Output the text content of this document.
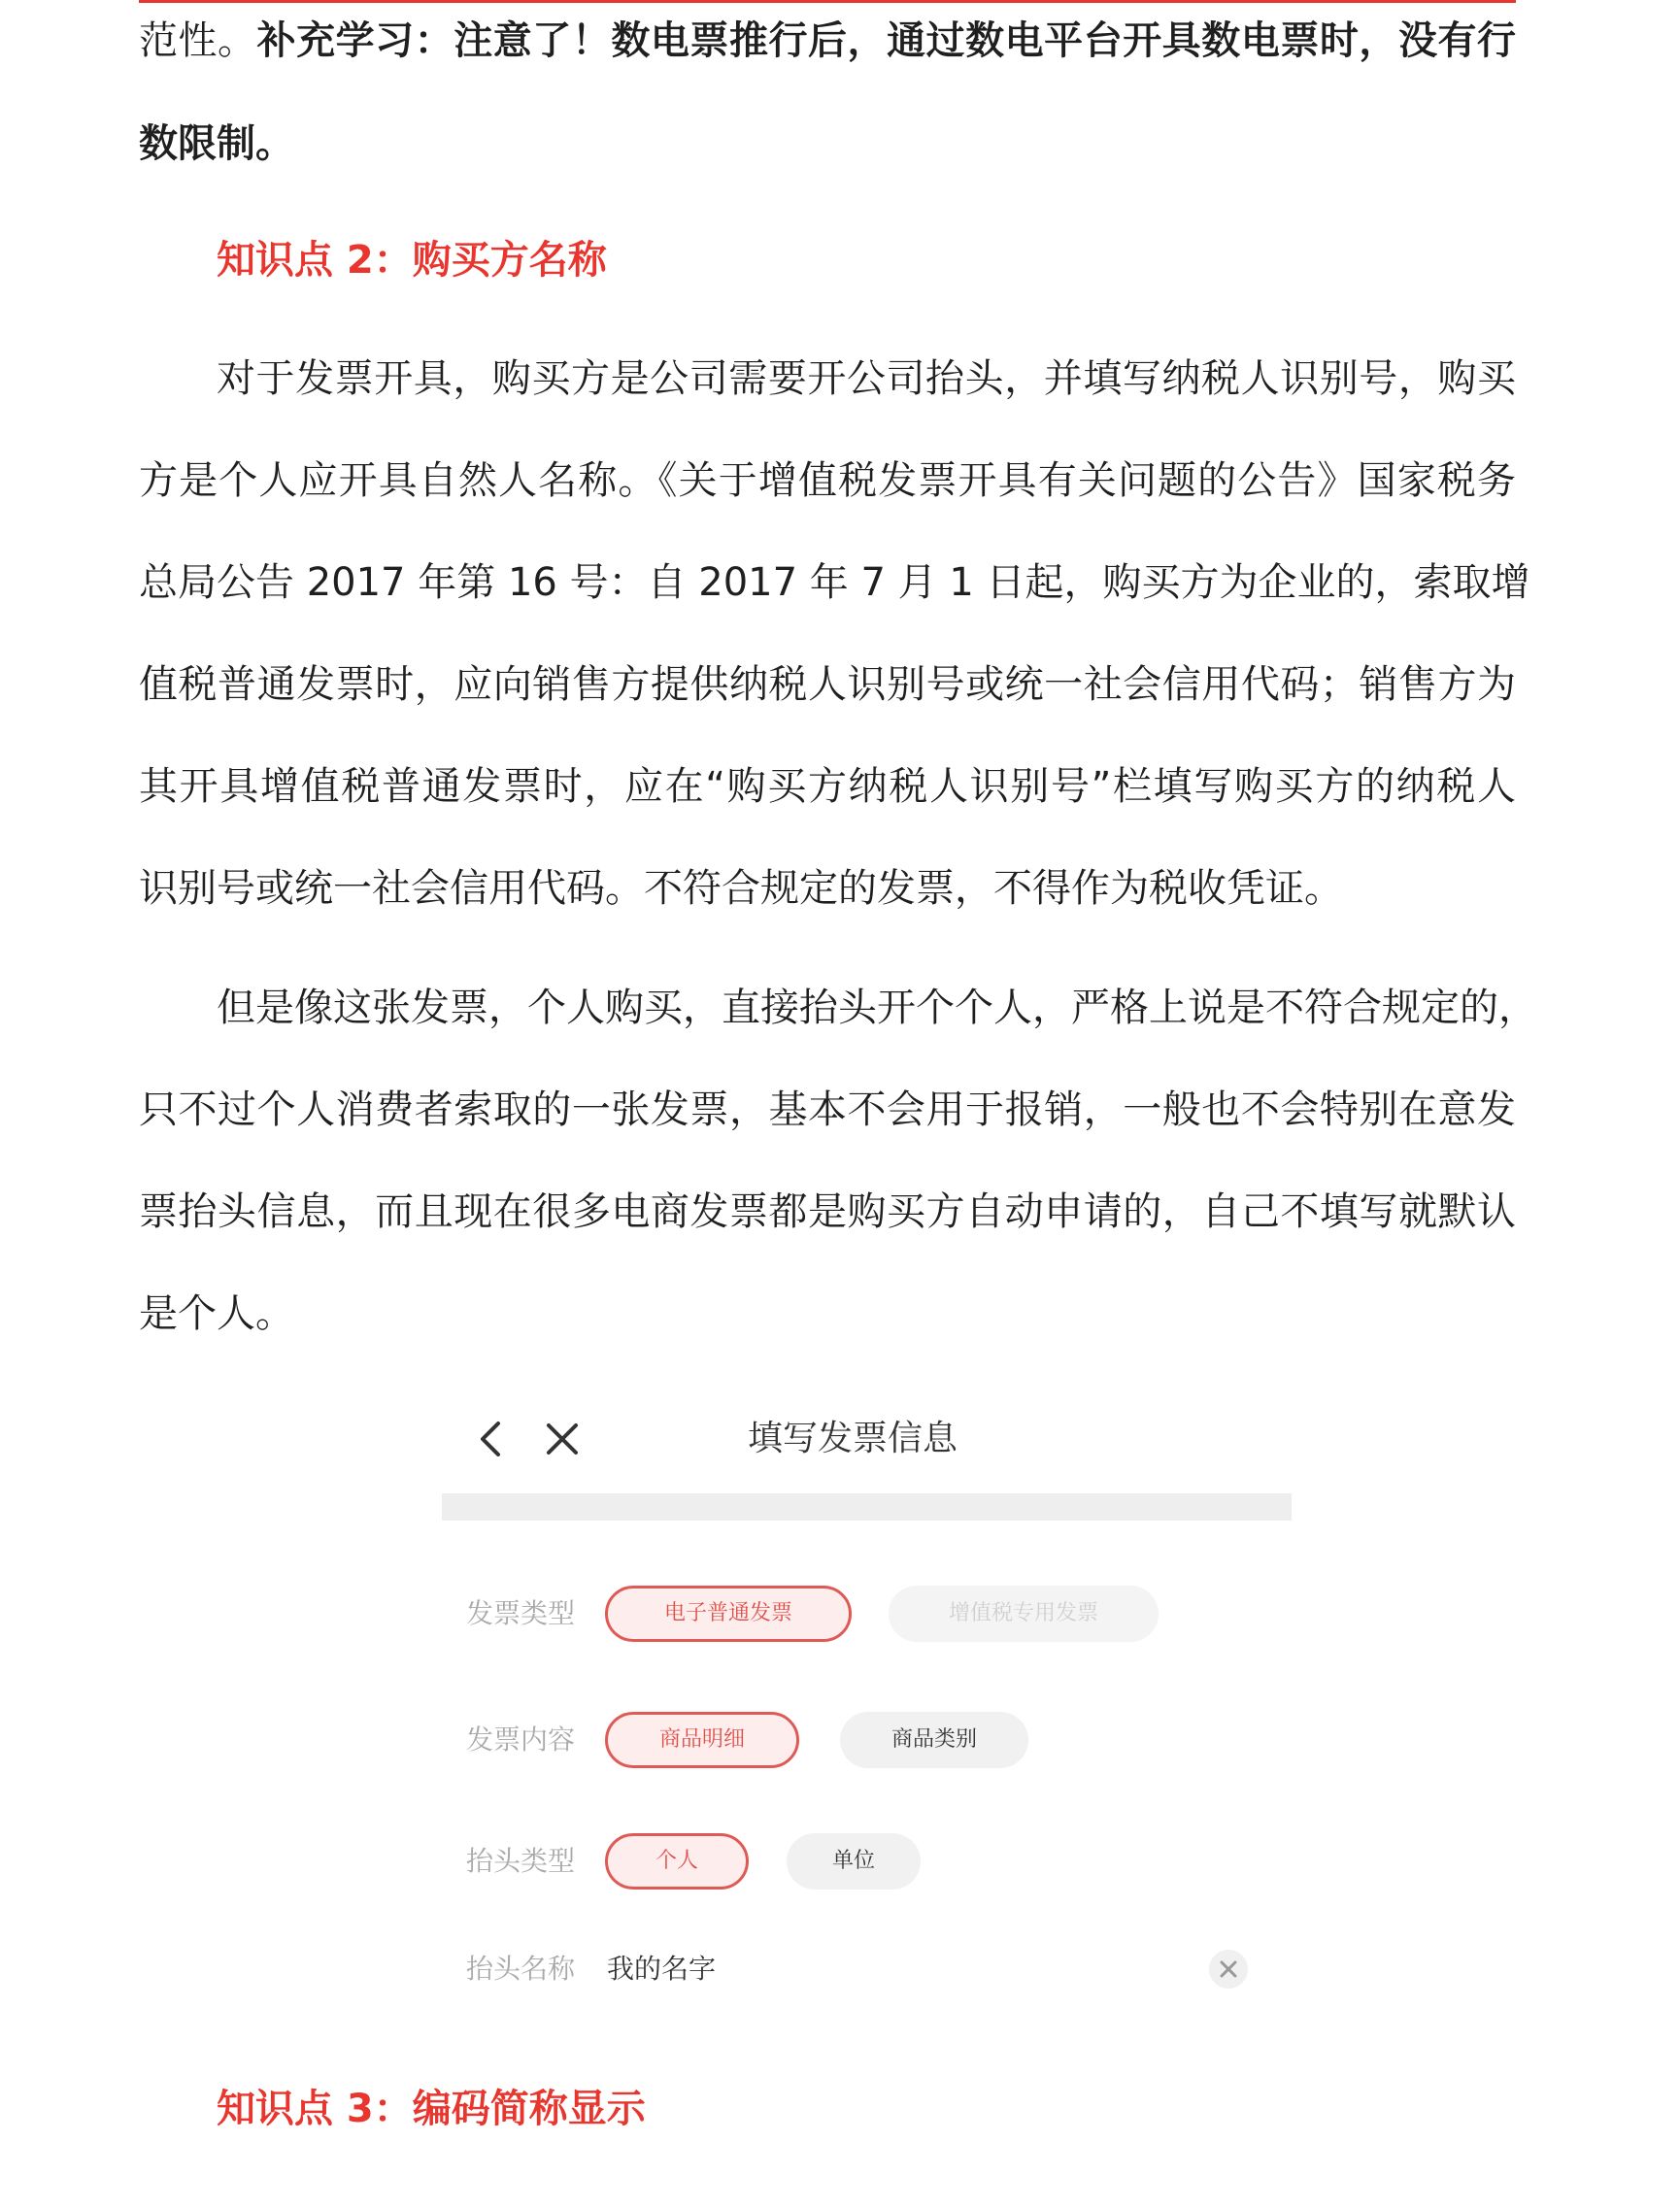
范性。补充学习：注意了！数电票推行后，通过数电平台开具数电票时，没有行
数限制。
知识点 2：购买方名称
对于发票开具，购买方是公司需要开公司抬头，并填写纳税人识别号，购买
方是个人应开具自然人名称。《关于增值税发票开具有关问题的公告》国家税务
总局公告 2017 年第 16 号：自 2017 年 7 月 1 日起，购买方为企业的，索取增
值税普通发票时，应向销售方提供纳税人识别号或统一社会信用代码；销售方为
其开具增值税普通发票时，应在“购买方纳税人识别号”栏填写购买方的纳税人
识别号或统一社会信用代码。不符合规定的发票，不得作为税收凭证。
但是像这张发票，个人购买，直接抬头开个个人，严格上说是不符合规定的，
只不过个人消费者索取的一张发票，基本不会用于报销，一般也不会特别在意发
票抬头信息，而且现在很多电商发票都是购买方自动申请的，自己不填写就默认
是个人。
知识点 3：编码简称显示
填写发票信息
发票类型	电子普通发票	增值税专用发票
发票内容	商品明细	商品类别
抬头类型	个人	单位
抬头名称 我的名字
